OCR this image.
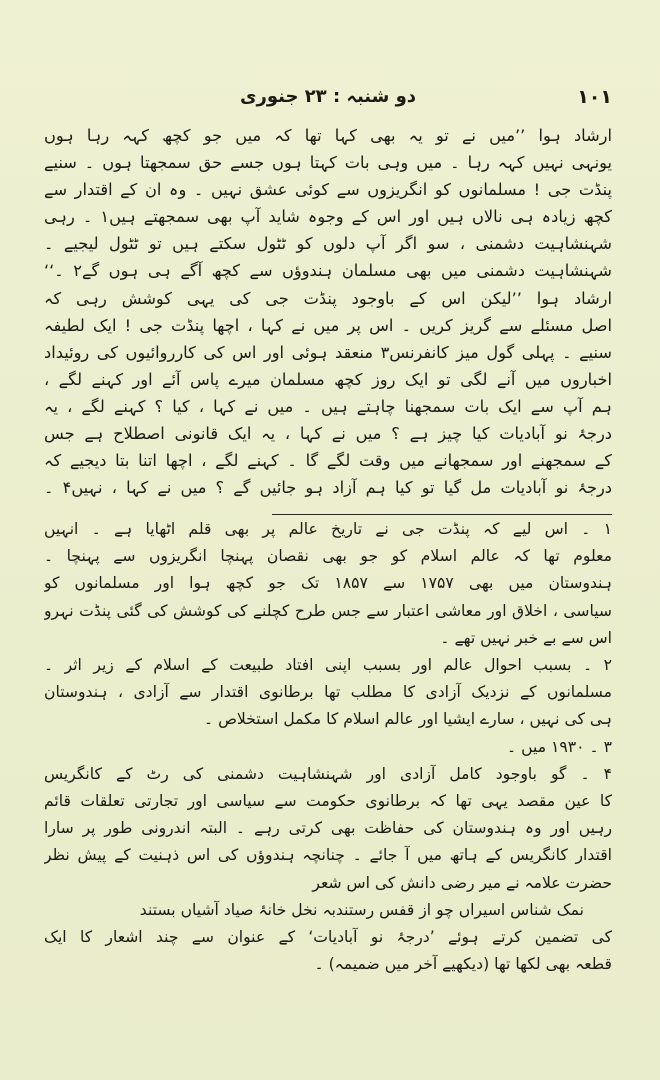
۱۰۱
دو شنبہ : ۲۳ جنوری

ارشاد ہوا ’’میں نے تو یہ بھی کہا تھا کہ میں جو کچھ کہہ رہا ہوں
یونہی نہیں کہہ رہا ۔ میں وہی بات کہتا ہوں جسے حق سمجھتا ہوں ۔ سنیے
پنڈت جی ! مسلمانوں کو انگریزوں سے کوئی عشق نہیں ۔ وہ ان کے اقتدار سے
کچھ زیادہ ہی نالاں ہیں اور اس کے وجوہ شاید آپ بھی سمجھتے ہیں۱ ۔ رہی
شہنشاہیت دشمنی ، سو اگر آپ دلوں کو ٹٹول سکتے ہیں تو ٹٹول لیجیے ۔
شہنشاہیت دشمنی میں بھی مسلمان ہندوؤں سے کچھ آگے ہی ہوں گے۲ ۔‘‘

ارشاد ہوا ’’لیکن اس کے باوجود پنڈت جی کی یہی کوشش رہی کہ
اصل مسئلے سے گریز کریں ۔ اس پر میں نے کہا ، اچھا پنڈت جی ! ایک لطیفہ
سنیے ۔ پہلی گول میز کانفرنس۳ منعقد ہوئی اور اس کی کارروائیوں کی روئیداد
اخباروں میں آنے لگی تو ایک روز کچھ مسلمان میرے پاس آئے اور کہنے لگے ،
ہم آپ سے ایک بات سمجھنا چاہتے ہیں ۔ میں نے کہا ، کیا ؟ کہنے لگے ، یہ
درجۂ نو آبادیات کیا چیز ہے ؟ میں نے کہا ، یہ ایک قانونی اصطلاح ہے جس
کے سمجھنے اور سمجھانے میں وقت لگے گا ۔ کہنے لگے ، اچھا اتنا بتا دیجیے کہ
درجۂ نو آبادیات مل گیا تو کیا ہم آزاد ہو جائیں گے ؟ میں نے کہا ، نہیں۴ ۔

۱ ۔ اس لیے کہ پنڈت جی نے تاریخ عالم پر بھی قلم اٹھایا ہے ۔ انہیں
معلوم تھا کہ عالم اسلام کو جو بھی نقصان پہنچا انگریزوں سے پہنچا ۔
ہندوستان میں بھی ۱۷۵۷ سے ۱۸۵۷ تک جو کچھ ہوا اور مسلمانوں کو
سیاسی ، اخلاق اور معاشی اعتبار سے جس طرح کچلنے کی کوشش کی گئی پنڈت نہرو
اس سے بے خبر نہیں تھے ۔

۲ ۔ بسبب احوال عالم اور بسبب اپنی افتاد طبیعت کے اسلام کے زیر اثر ۔
مسلمانوں کے نزدیک آزادی کا مطلب تھا برطانوی اقتدار سے آزادی ، ہندوستان
ہی کی نہیں ، سارے ایشیا اور عالم اسلام کا مکمل استخلاص ۔

۳ ۔ ۱۹۳۰ میں ۔

۴ ۔ گو باوجود کامل آزادی اور شہنشاہیت دشمنی کی رٹ کے کانگریس
کا عین مقصد یہی تھا کہ برطانوی حکومت سے سیاسی اور تجارتی تعلقات قائم
رہیں اور وہ ہندوستان کی حفاظت بھی کرتی رہے ۔ البتہ اندرونی طور پر سارا
اقتدار کانگریس کے ہاتھ میں آ جائے ۔ چنانچہ ہندوؤں کی اس ذہنیت کے پیش نظر
حضرت علامہ نے میر رضی دانش کی اس شعر

نمک شناس اسیراں چو از قفس رستند
بہ نخل خانۂ صیاد آشیاں بستند

کی تضمین کرتے ہوئے ’درجۂ نو آبادیات‘ کے عنوان سے چند اشعار کا ایک
قطعہ بھی لکھا تھا (دیکھیے آخر میں ضمیمہ) ۔
